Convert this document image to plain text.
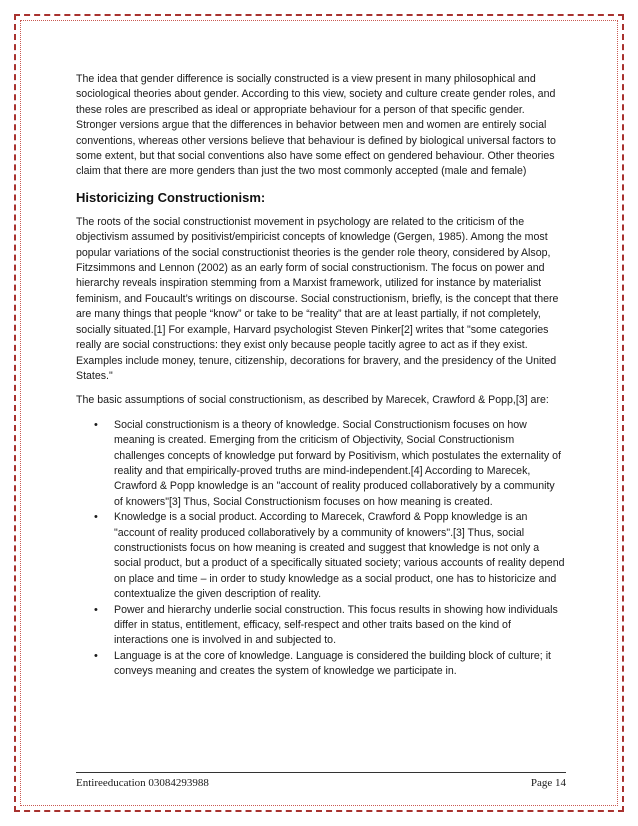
The idea that gender difference is socially constructed is a view present in many philosophical and sociological theories about gender. According to this view, society and culture create gender roles, and these roles are prescribed as ideal or appropriate behaviour for a person of that specific gender. Stronger versions argue that the differences in behavior between men and women are entirely social conventions, whereas other versions believe that behaviour is defined by biological universal factors to some extent, but that social conventions also have some effect on gendered behaviour. Other theories claim that there are more genders than just the two most commonly accepted (male and female)

Historicizing Constructionism:

The roots of the social constructionist movement in psychology are related to the criticism of the objectivism assumed by positivist/empiricist concepts of knowledge (Gergen, 1985). Among the most popular variations of the social constructionist theories is the gender role theory, considered by Alsop, Fitzsimmons and Lennon (2002) as an early form of social constructionism. The focus on power and hierarchy reveals inspiration stemming from a Marxist framework, utilized for instance by materialist feminism, and Foucault’s writings on discourse. Social constructionism, briefly, is the concept that there are many things that people “know” or take to be “reality” that are at least partially, if not completely, socially situated.[1] For example, Harvard psychologist Steven Pinker[2] writes that "some categories really are social constructions: they exist only because people tacitly agree to act as if they exist. Examples include money, tenure, citizenship, decorations for bravery, and the presidency of the United States."

The basic assumptions of social constructionism, as described by Marecek, Crawford & Popp,[3] are:

• Social constructionism is a theory of knowledge. Social Constructionism focuses on how meaning is created. Emerging from the criticism of Objectivity, Social Constructionism challenges concepts of knowledge put forward by Positivism, which postulates the externality of reality and that empirically-proved truths are mind-independent.[4] According to Marecek, Crawford & Popp knowledge is an "account of reality produced collaboratively by a community of knowers"[3] Thus, Social Constructionism focuses on how meaning is created.
• Knowledge is a social product. According to Marecek, Crawford & Popp knowledge is an "account of reality produced collaboratively by a community of knowers".[3] Thus, social constructionists focus on how meaning is created and suggest that knowledge is not only a social product, but a product of a specifically situated society; various accounts of reality depend on place and time – in order to study knowledge as a social product, one has to historicize and contextualize the given description of reality.
• Power and hierarchy underlie social construction. This focus results in showing how individuals differ in status, entitlement, efficacy, self-respect and other traits based on the kind of interactions one is involved in and subjected to.
• Language is at the core of knowledge. Language is considered the building block of culture; it conveys meaning and creates the system of knowledge we participate in.
Entireeducation 03084293988	Page 14
